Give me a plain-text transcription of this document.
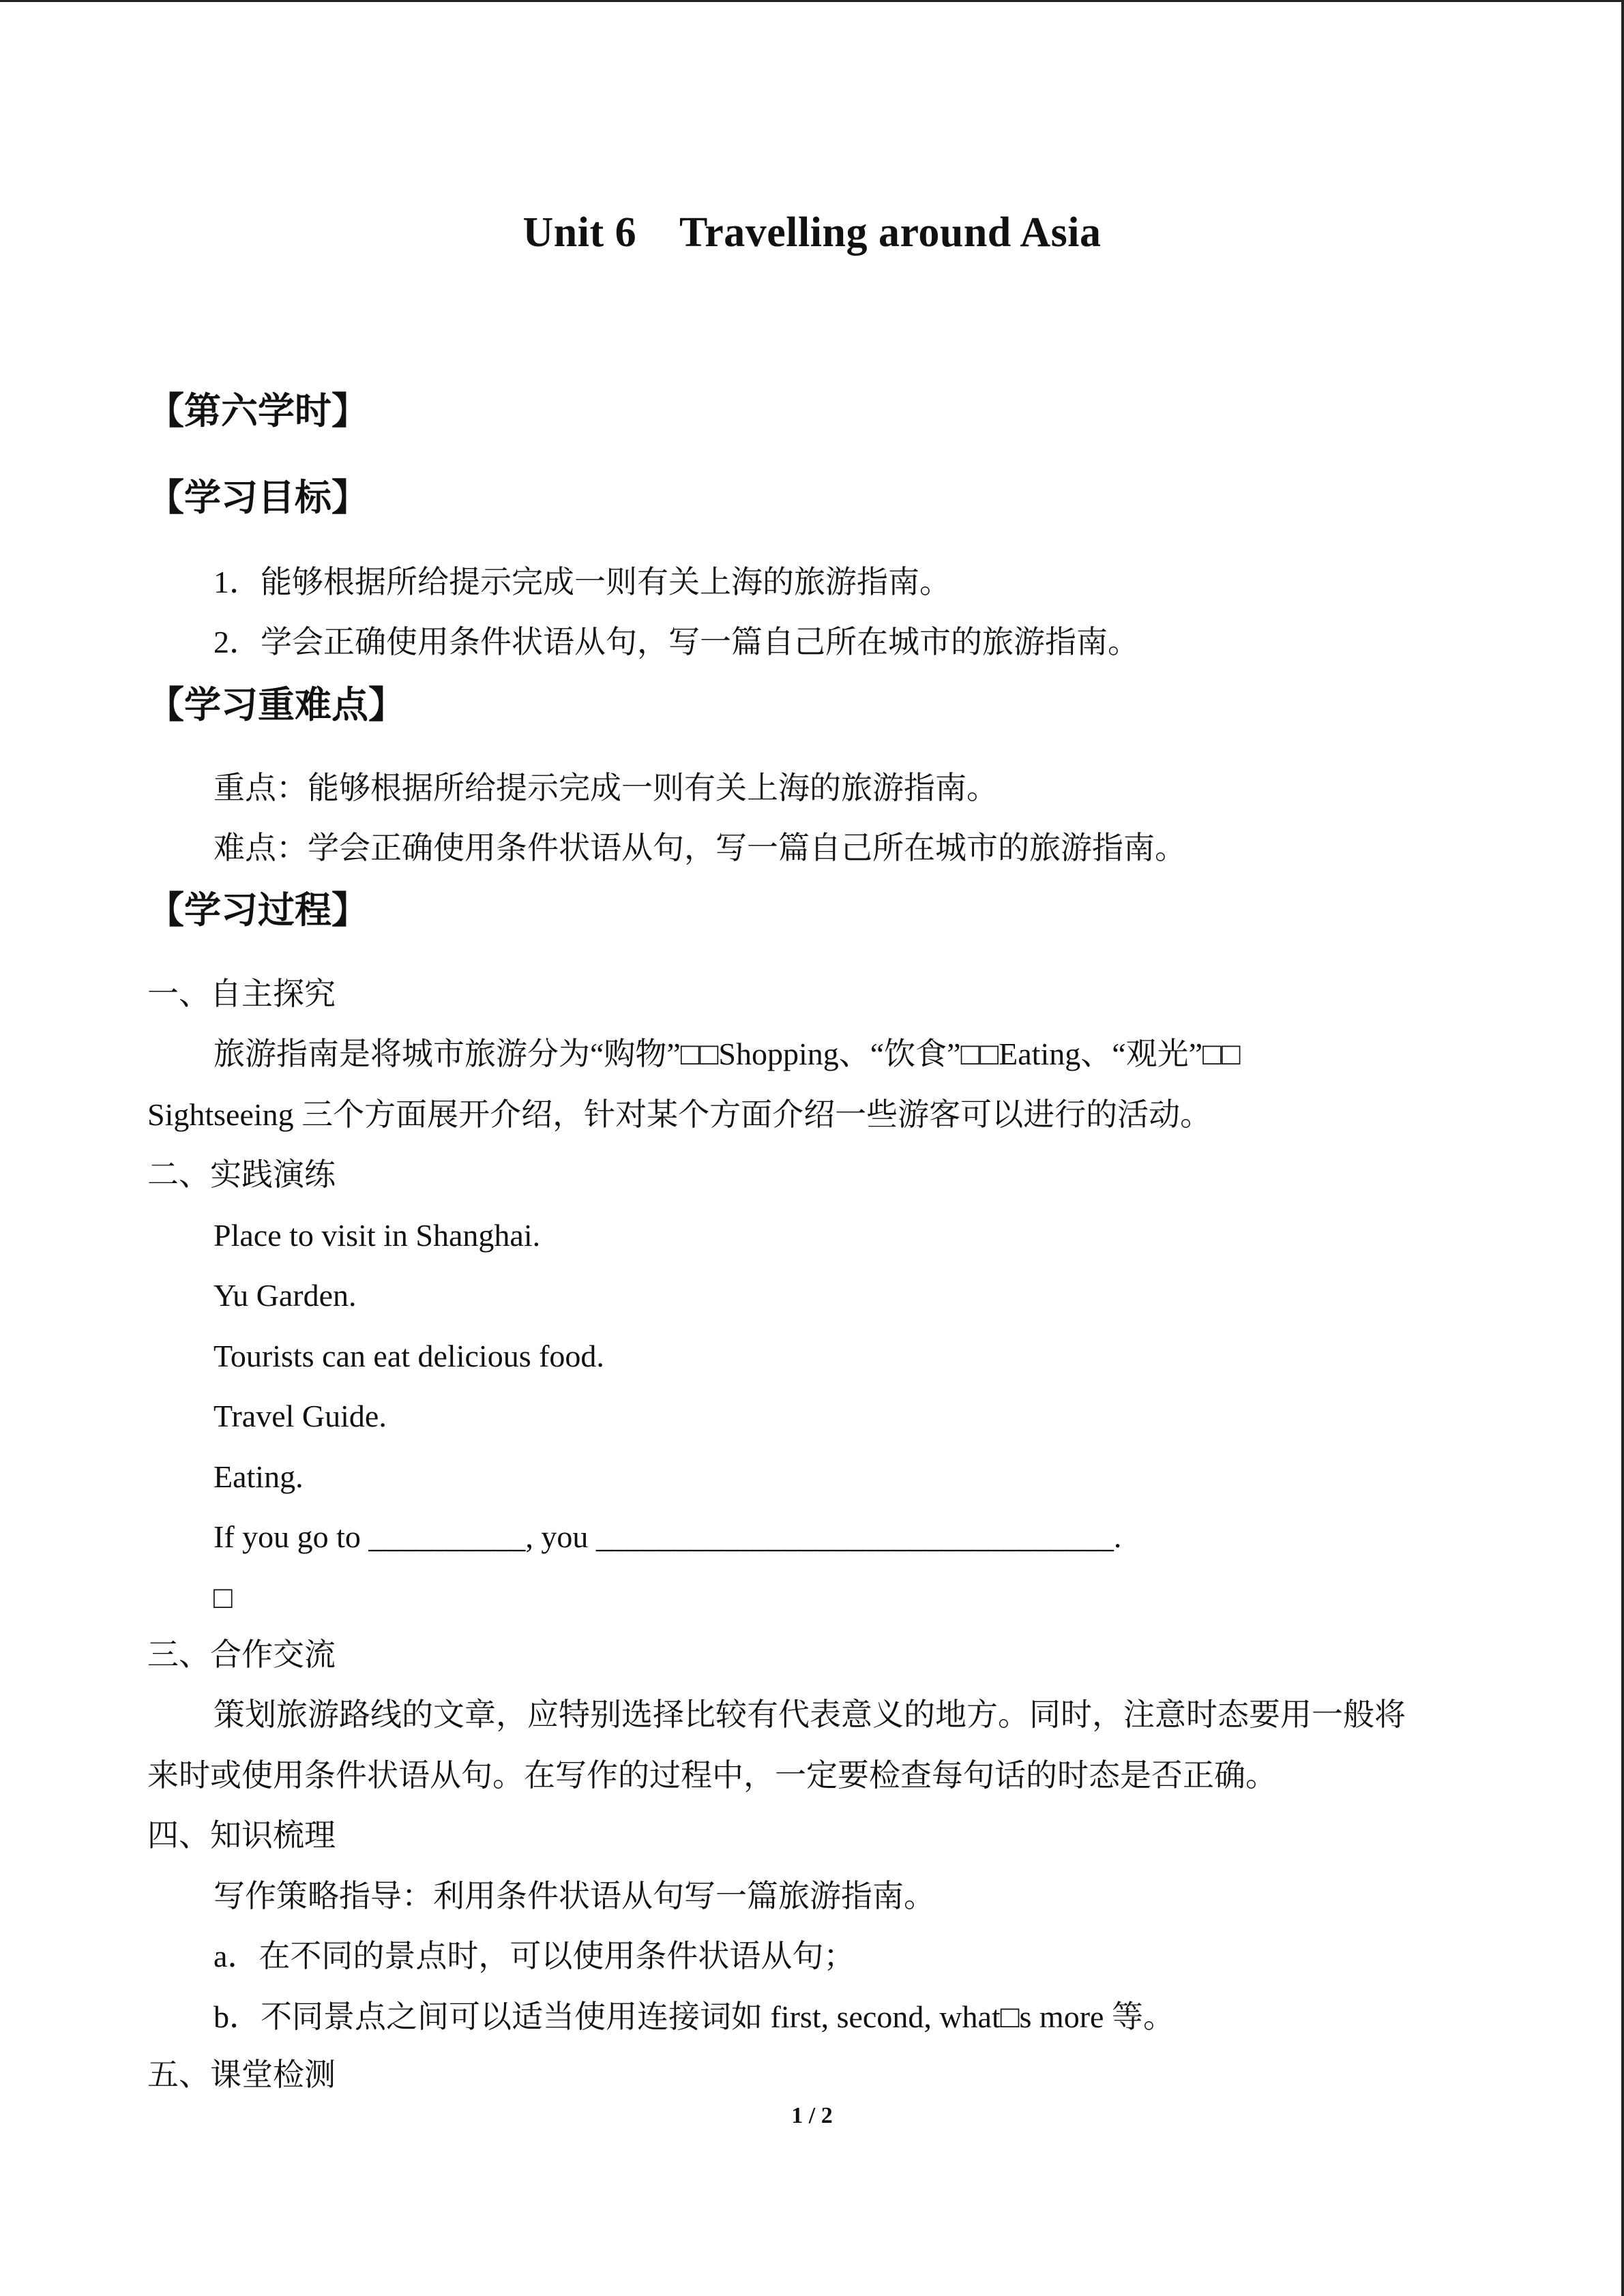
Unit 6    Travelling around Asia
【第六学时】
【学习目标】
1．能够根据所给提示完成一则有关上海的旅游指南。
2．学会正确使用条件状语从句，写一篇自己所在城市的旅游指南。
【学习重难点】
重点：能够根据所给提示完成一则有关上海的旅游指南。
难点：学会正确使用条件状语从句，写一篇自己所在城市的旅游指南。
【学习过程】
一、自主探究
旅游指南是将城市旅游分为“购物”□□Shopping、“饮食”□□Eating、“观光”□□
Sightseeing 三个方面展开介绍，针对某个方面介绍一些游客可以进行的活动。
二、实践演练
Place to visit in Shanghai.
Yu Garden.
Tourists can eat delicious food.
Travel Guide.
Eating.
If you go to __________, you _________________________________.
□
三、合作交流
策划旅游路线的文章，应特别选择比较有代表意义的地方。同时，注意时态要用一般将
来时或使用条件状语从句。在写作的过程中，一定要检查每句话的时态是否正确。
四、知识梳理
写作策略指导：利用条件状语从句写一篇旅游指南。
a．在不同的景点时，可以使用条件状语从句；
b．不同景点之间可以适当使用连接词如 first, second, what□s more 等。
五、课堂检测
1 / 2
